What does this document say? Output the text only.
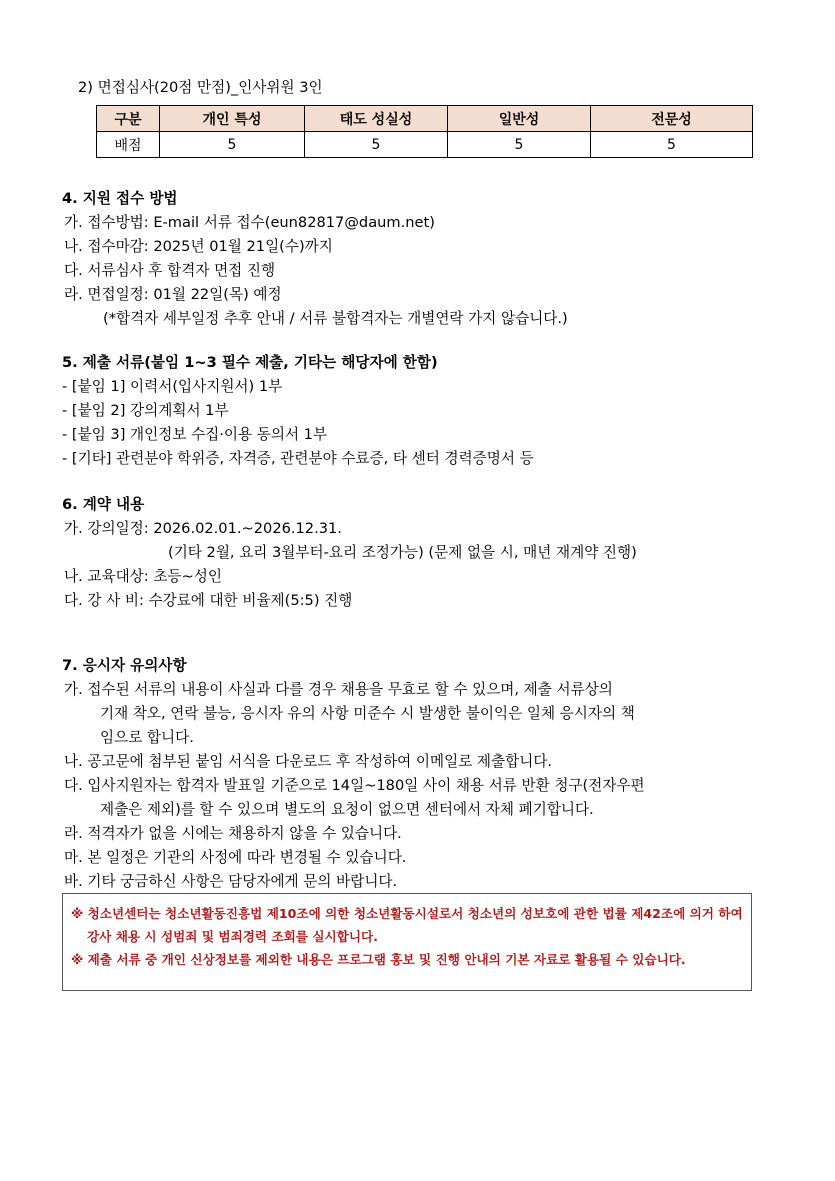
2) 면접심사(20점 만점)_인사위원 3인
구분	개인 특성	태도 성실성	일반성	전문성
배점	5	5	5	5
4. 지원 접수 방법
가. 접수방법: E-mail 서류 접수(eun82817@daum.net)
나. 접수마감: 2025년 01월 21일(수)까지
다. 서류심사 후 합격자 면접 진행
라. 면접일정: 01월 22일(목) 예정
(*합격자 세부일정 추후 안내 / 서류 불합격자는 개별연락 가지 않습니다.)
5. 제출 서류(붙임 1~3 필수 제출, 기타는 해당자에 한함)
- [붙임 1] 이력서(입사지원서) 1부
- [붙임 2] 강의계획서 1부
- [붙임 3] 개인정보 수집·이용 동의서 1부
- [기타] 관련분야 학위증, 자격증, 관련분야 수료증, 타 센터 경력증명서 등
6. 계약 내용
가. 강의일정: 2026.02.01.~2026.12.31.
(기타 2월, 요리 3월부터-요리 조정가능) (문제 없을 시, 매년 재계약 진행)
나. 교육대상: 초등~성인
다. 강 사 비: 수강료에 대한 비율제(5:5) 진행
7. 응시자 유의사항
가. 접수된 서류의 내용이 사실과 다를 경우 채용을 무효로 할 수 있으며, 제출 서류상의
기재 착오, 연락 불능, 응시자 유의 사항 미준수 시 발생한 불이익은 일체 응시자의 책
임으로 합니다.
나. 공고문에 첨부된 붙임 서식을 다운로드 후 작성하여 이메일로 제출합니다.
다. 입사지원자는 합격자 발표일 기준으로 14일~180일 사이 채용 서류 반환 청구(전자우편
제출은 제외)를 할 수 있으며 별도의 요청이 없으면 센터에서 자체 폐기합니다.
라. 적격자가 없을 시에는 채용하지 않을 수 있습니다.
마. 본 일정은 기관의 사정에 따라 변경될 수 있습니다.
바. 기타 궁금하신 사항은 담당자에게 문의 바랍니다.

※ 청소년센터는 청소년활동진흥법 제10조에 의한 청소년활동시설로서 청소년의 성보호에 관한 법률 제42조에 의거 하여 강사 채용 시 성범죄 및 범죄경력 조회를 실시합니다.

※ 제출 서류 중 개인 신상정보를 제외한 내용은 프로그램 홍보 및 진행 안내의 기본 자료로 활용될 수 있습니다.
